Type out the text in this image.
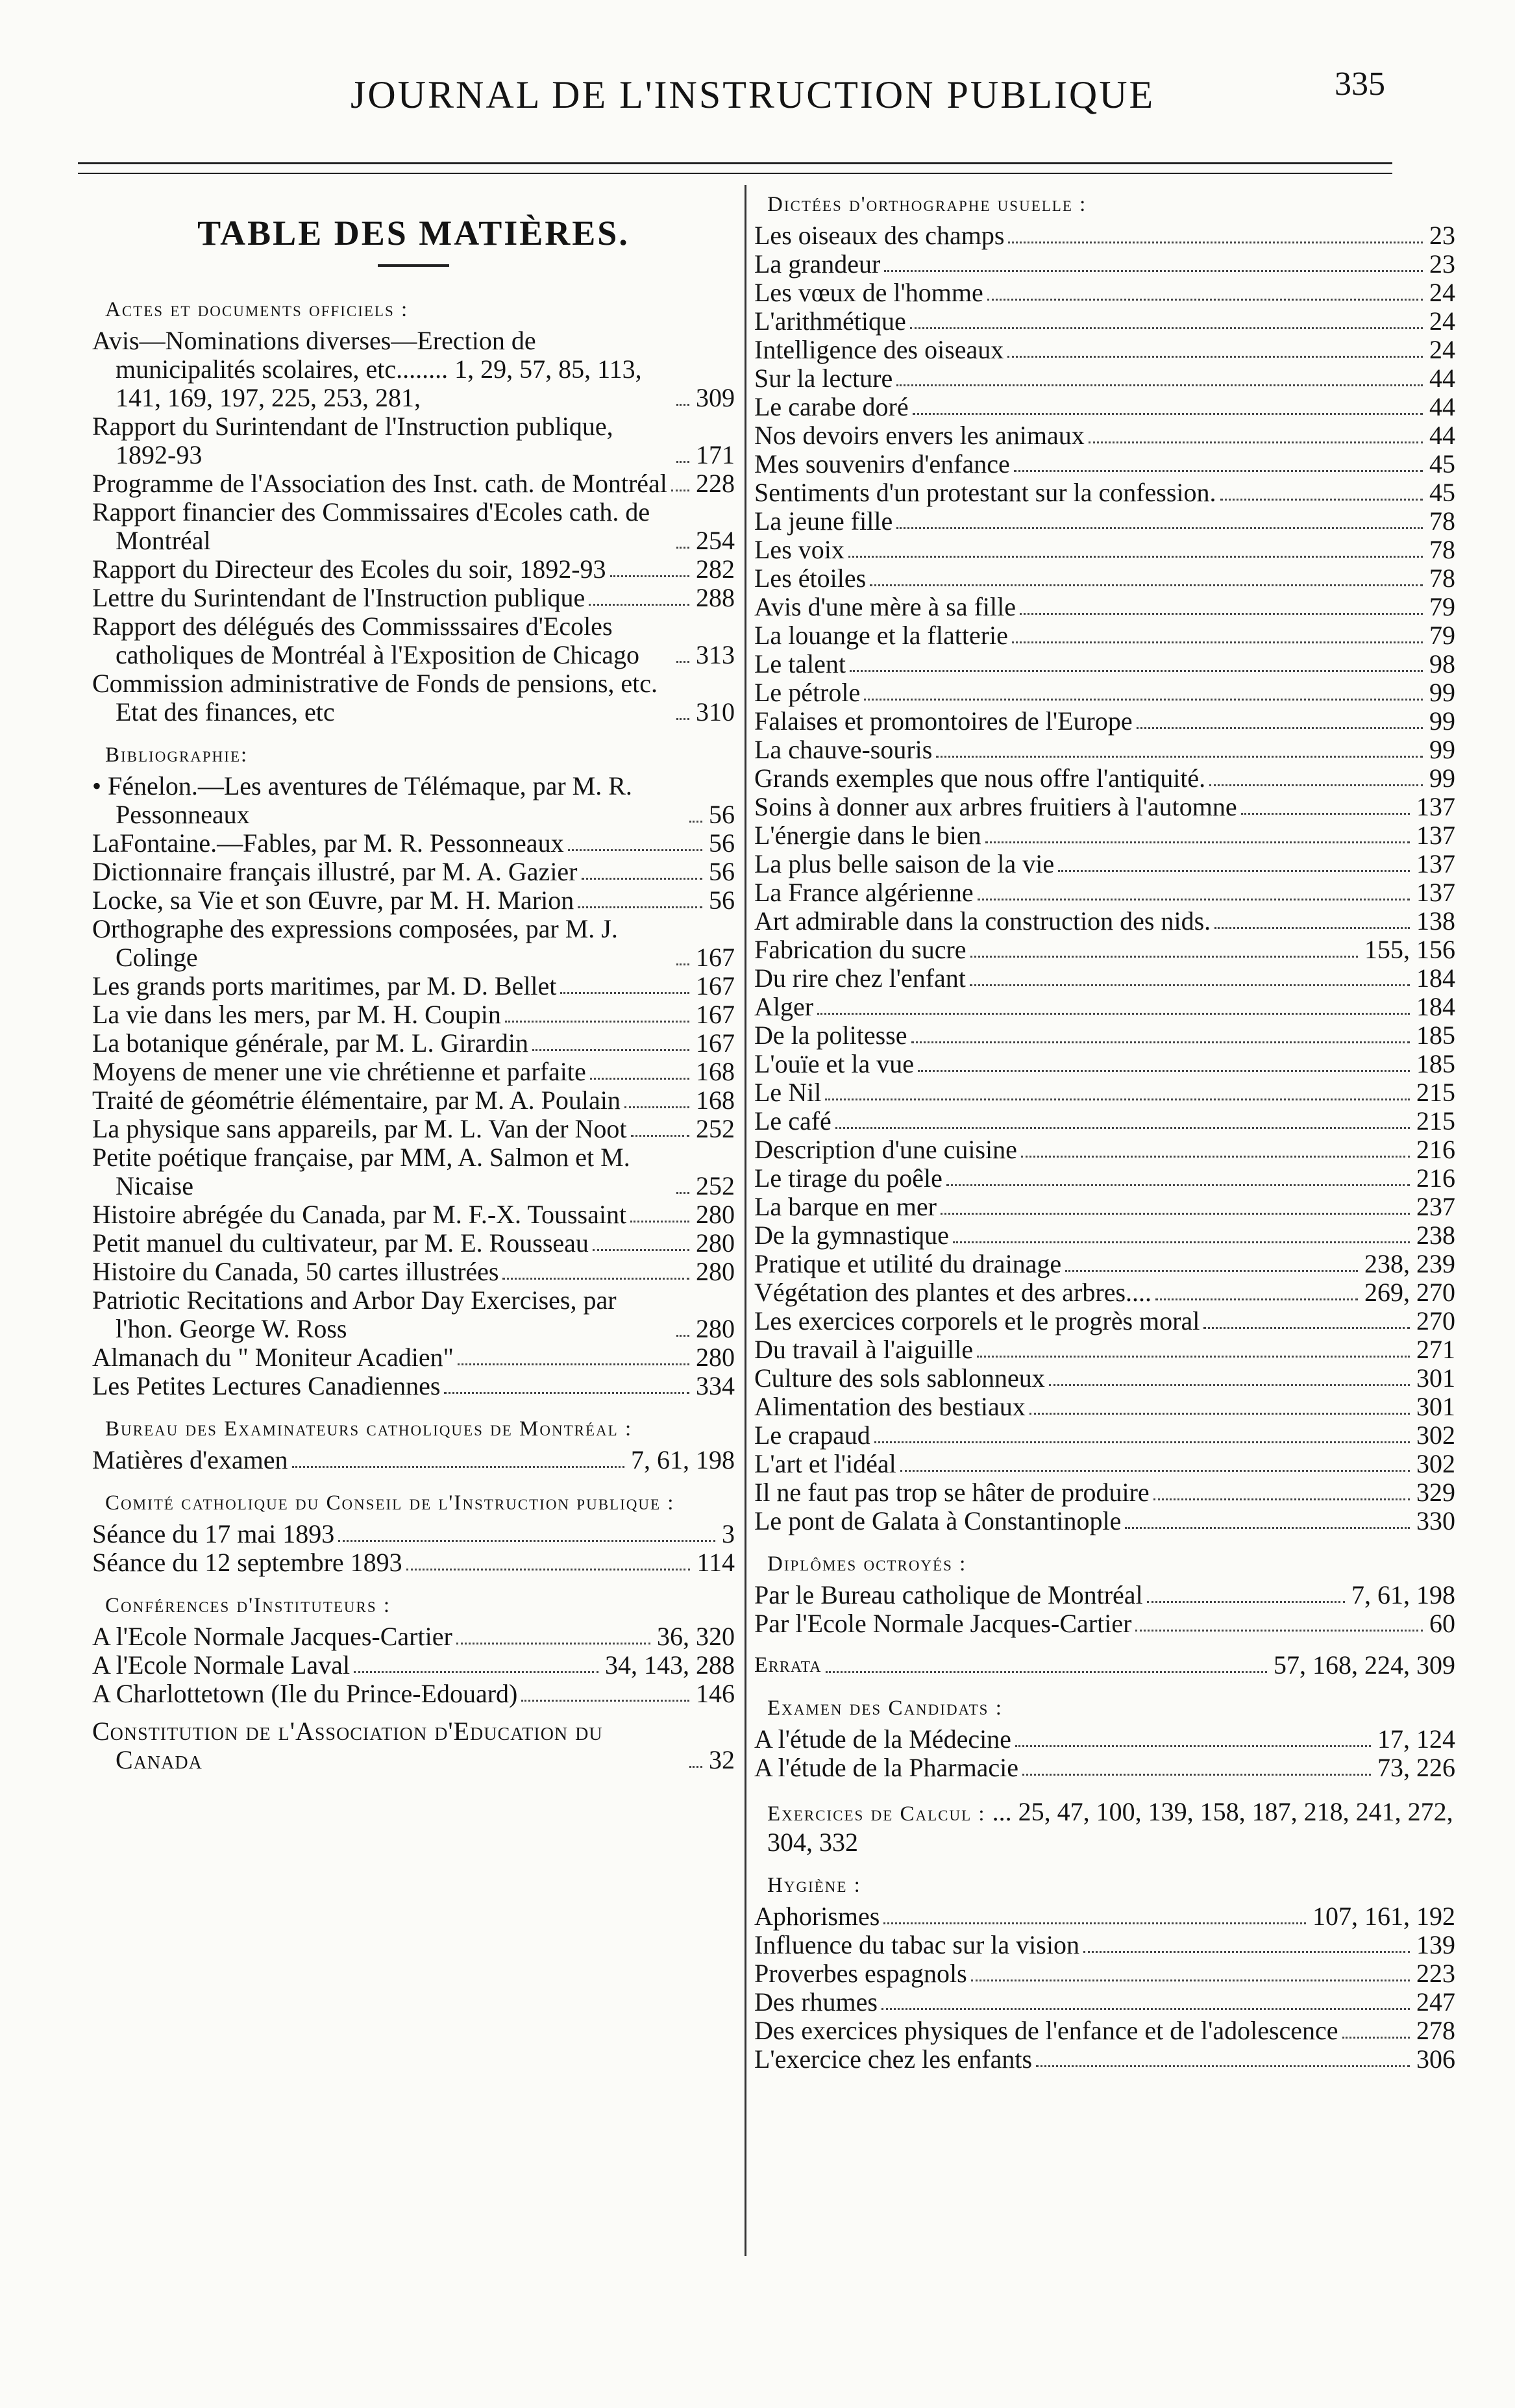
JOURNAL DE L'INSTRUCTION PUBLIQUE	335
TABLE DES MATIÈRES.
Actes et documents officiels :
Avis—Nominations diverses—Erection de municipalités scolaires, etc........ 1, 29, 57, 85, 113, 141, 169, 197, 225, 253, 281,	309
Rapport du Surintendant de l'Instruction publique, 1892-93	171
Programme de l'Association des Inst. cath. de Montréal 228
Rapport financier des Commissaires d'Ecoles cath. de Montréal	254
Rapport du Directeur des Ecoles du soir, 1892-93	282
Lettre du Surintendant de l'Instruction publique	288
Rapport des délégués des Commisssaires d'Ecoles catholiques de Montréal à l'Exposition de Chicago	313
Commission administrative de Fonds de pensions, etc. Etat des finances, etc	310
Bibliographie:
• Fénelon.—Les aventures de Télémaque, par M. R. Pessonneaux	56
LaFontaine.—Fables, par M. R. Pessonneaux	56
Dictionnaire français illustré, par M. A. Gazier	56
Locke, sa Vie et son Œuvre, par M. H. Marion	56
Orthographe des expressions composées, par M. J. Colinge	167
Les grands ports maritimes, par M. D. Bellet	167
La vie dans les mers, par M. H. Coupin	167
La botanique générale, par M. L. Girardin	167
Moyens de mener une vie chrétienne et parfaite	168
Traité de géométrie élémentaire, par M. A. Poulain	168
La physique sans appareils, par M. L. Van der Noot	252
Petite poétique française, par MM, A. Salmon et M. Nicaise	252
Histoire abrégée du Canada, par M. F.-X. Toussaint	280
Petit manuel du cultivateur, par M. E. Rousseau	280
Histoire du Canada, 50 cartes illustrées	280
Patriotic Recitations and Arbor Day Exercises, par l'hon. George W. Ross	280
Almanach du " Moniteur Acadien"	280
Les Petites Lectures Canadiennes	334
Bureau des Examinateurs catholiques de Montréal :
Matières d'examen	7, 61, 198
Comité catholique du Conseil de l'Instruction publique :
Séance du 17 mai 1893	3
Séance du 12 septembre 1893	114
Conférences d'Instituteurs :
A l'Ecole Normale Jacques-Cartier	36, 320
A l'Ecole Normale Laval	34, 143, 288
A Charlottetown (Ile du Prince-Edouard)	146
Constitution de l'Association d'Education du Canada	32
Dictées d'orthographe usuelle :
Les oiseaux des champs	23
La grandeur	23
Les vœux de l'homme	24
L'arithmétique	24
Intelligence des oiseaux	24
Sur la lecture	44
Le carabe doré	44
Nos devoirs envers les animaux	44
Mes souvenirs d'enfance	45
Sentiments d'un protestant sur la confession.	45
La jeune fille	78
Les voix	78
Les étoiles	78
Avis d'une mère à sa fille	79
La louange et la flatterie	79
Le talent	98
Le pétrole	99
Falaises et promontoires de l'Europe	99
La chauve-souris	99
Grands exemples que nous offre l'antiquité.	99
Soins à donner aux arbres fruitiers à l'automne	137
L'énergie dans le bien	137
La plus belle saison de la vie	137
La France algérienne	137
Art admirable dans la construction des nids.	138
Fabrication du sucre	155, 156
Du rire chez l'enfant	184
Alger	184
De la politesse	185
L'ouïe et la vue	185
Le Nil	215
Le café	215
Description d'une cuisine	216
Le tirage du poêle	216
La barque en mer	237
De la gymnastique	238
Pratique et utilité du drainage	238, 239
Végétation des plantes et des arbres....	269, 270
Les exercices corporels et le progrès moral	270
Du travail à l'aiguille	271
Culture des sols sablonneux	301
Alimentation des bestiaux	301
Le crapaud	302
L'art et l'idéal	302
Il ne faut pas trop se hâter de produire	329
Le pont de Galata à Constantinople	330
Diplômes octroyés :
Par le Bureau catholique de Montréal	7, 61, 198
Par l'Ecole Normale Jacques-Cartier	60
Errata	57, 168, 224, 309
Examen des Candidats :
A l'étude de la Médecine	17, 124
A l'étude de la Pharmacie	73, 226
Exercices de Calcul : ... 25, 47, 100, 139, 158, 187, 218, 241, 272, 304, 332
Hygiène :
Aphorismes	107, 161, 192
Influence du tabac sur la vision	139
Proverbes espagnols	223
Des rhumes	247
Des exercices physiques de l'enfance et de l'adolescence	278
L'exercice chez les enfants	306
